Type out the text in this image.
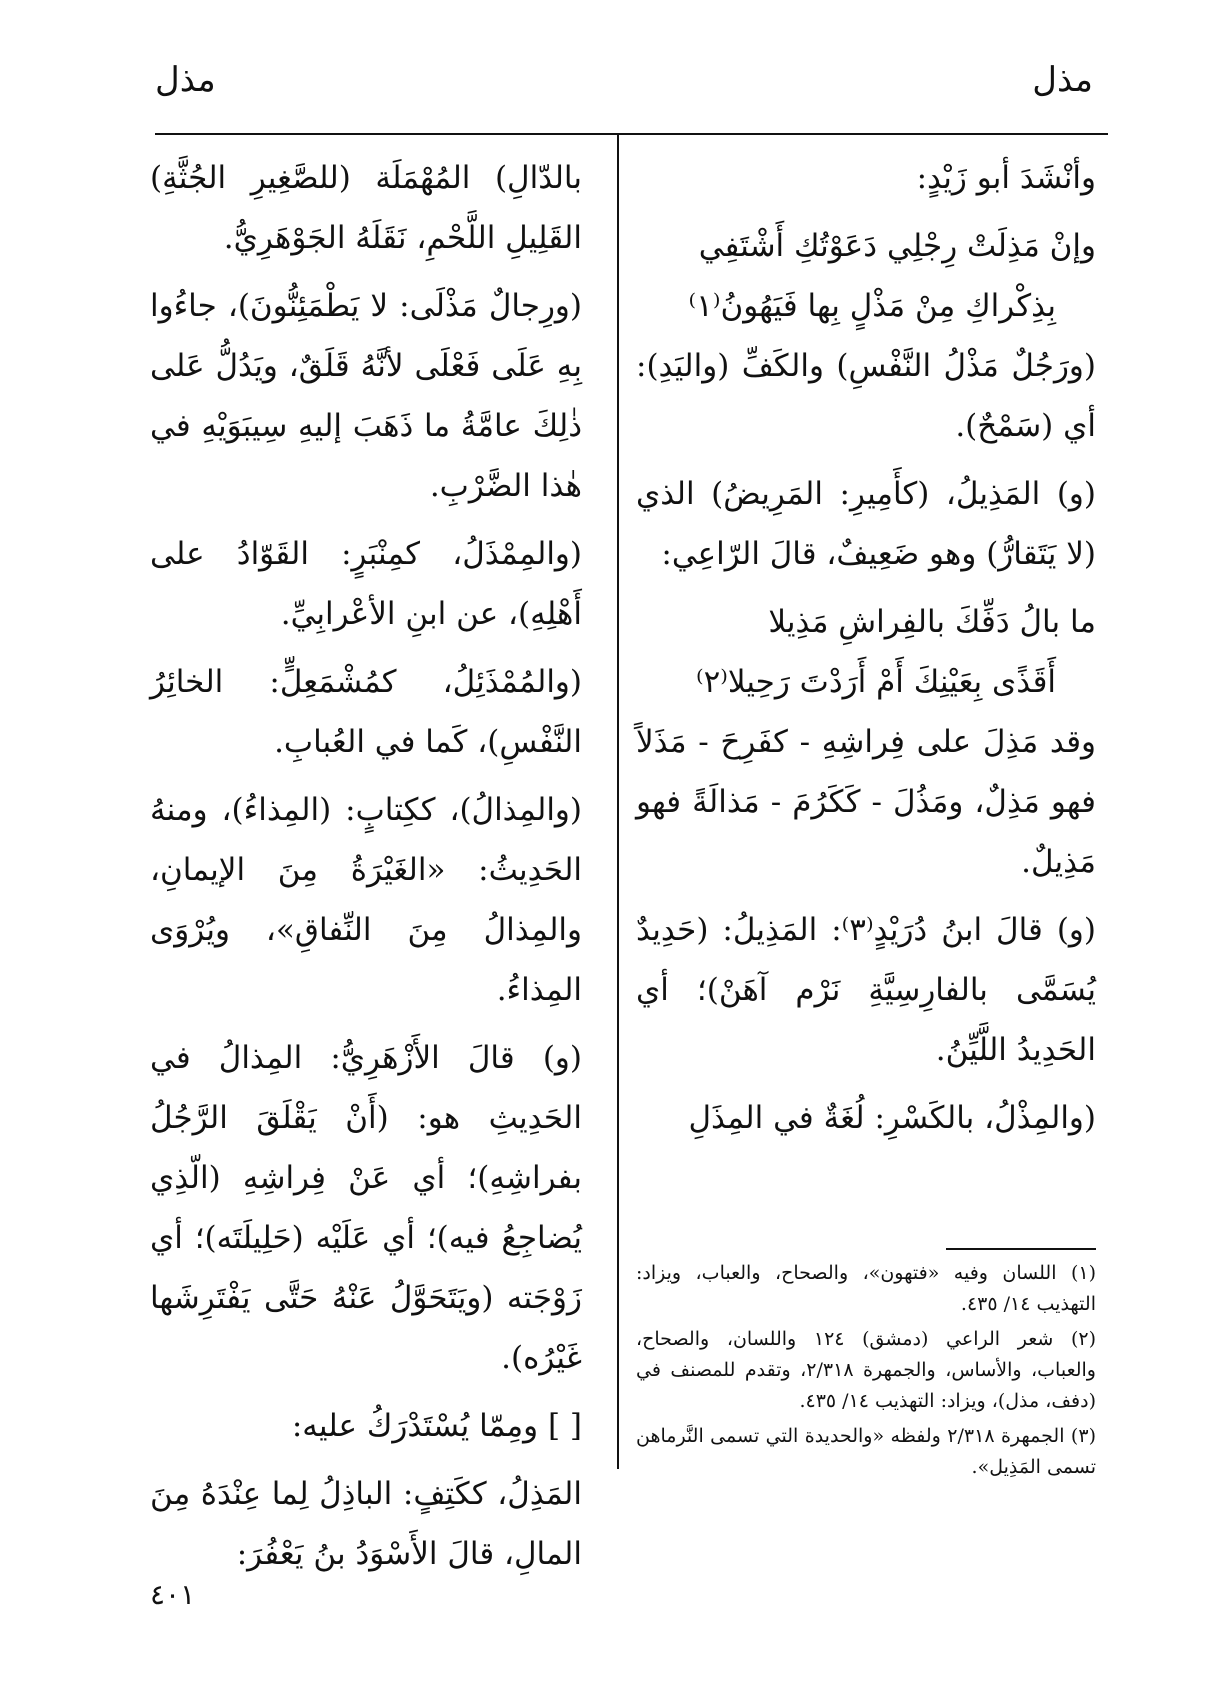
مذل
مذل

وأنْشَدَ أبو زَيْدٍ:

وإنْ مَذِلَتْ رِجْلِي دَعَوْتُكِ أَشْتَفِي

بِذِكْراكِ مِنْ مَذْلٍ بِها فَيَهُونُ⁽١⁾

(ورَجُلٌ مَذْلُ النَّفْسِ) والكَفِّ (واليَدِ): أي (سَمْحٌ).

(و) المَذِيلُ، (كأَمِيرِ: المَرِيضُ) الذي (لا يَتَقارُّ) وهو ضَعِيفٌ، قالَ الرّاعِي:

ما بالُ دَفِّكَ بالفِراشِ مَذِيلا

أَقَذًى بِعَيْنِكَ أَمْ أَرَدْتَ رَحِيلا⁽٢⁾

وقد مَذِلَ على فِراشِهِ - كفَرِحَ - مَذَلاً فهو مَذِلٌ، ومَذُلَ - كَكَرُمَ - مَذالَةً فهو مَذِيلٌ.

(و) قالَ ابنُ دُرَيْدٍ⁽٣⁾: المَذِيلُ: (حَدِيدٌ يُسَمَّى بالفارِسِيَّةِ نَرْم آهَنْ)؛ أي الحَدِيدُ اللَّيِّنُ.

(والمِذْلُ، بالكَسْرِ: لُغَةٌ في المِذَلِ

بالدّالِ) المُهْمَلَة (للصَّغِيرِ الجُثَّةِ) القَلِيلِ اللَّحْمِ، نَقَلَهُ الجَوْهَرِيُّ.

(ورِجالٌ مَذْلَى: لا يَطْمَئِنُّونَ)، جاءُوا بِهِ عَلَى فَعْلَى لأنَّهُ قَلَقٌ، ويَدُلُّ عَلى ذٰلِكَ عامَّةُ ما ذَهَبَ إليهِ سِيبَوَيْهِ في هٰذا الضَّرْبِ.

(والمِمْذَلُ، كمِنْبَرٍ: القَوّادُ على أَهْلِهِ)، عن ابنِ الأعْرابِيِّ.

(والمُمْذَئِلُ، كمُشْمَعِلٍّ: الخائِرُ النَّفْسِ)، كَما في العُبابِ.

(والمِذالُ)، ككِتابٍ: (المِذاءُ)، ومنهُ الحَدِيثُ: «الغَيْرَةُ مِنَ الإيمانِ، والمِذالُ مِنَ النِّفاقِ»، ويُرْوَى المِذاءُ.

(و) قالَ الأَزْهَرِيُّ: المِذالُ في الحَدِيثِ هو: (أَنْ يَقْلَقَ الرَّجُلُ بفراشِهِ)؛ أي عَنْ فِراشِهِ (الّذِي يُضاجِعُ فيه)؛ أي عَلَيْه (حَلِيلَتَه)؛ أي زَوْجَته (ويَتَحَوَّلُ عَنْهُ حَتَّى يَفْتَرِشَها غَيْرُه).

[ ] ومِمّا يُسْتَدْرَكُ عليه:

المَذِلُ، ككَتِفٍ: الباذِلُ لِما عِنْدَهُ مِنَ المالِ، قالَ الأَسْوَدُ بنُ يَعْفُرَ:

(١) اللسان وفيه «فتهون»، والصحاح، والعباب، ويزاد: التهذيب ١٤/ ٤٣٥.

(٢) شعر الراعي (دمشق) ١٢٤ واللسان، والصحاح، والعباب، والأساس، والجمهرة ٢/٣١٨، وتقدم للمصنف في (دفف، مذل)، ويزاد: التهذيب ١٤/ ٤٣٥.

(٣) الجمهرة ٢/٣١٨ ولفظه «والحديدة التي تسمى النَّرماهن تسمى المَذِيل».

٤٠١
